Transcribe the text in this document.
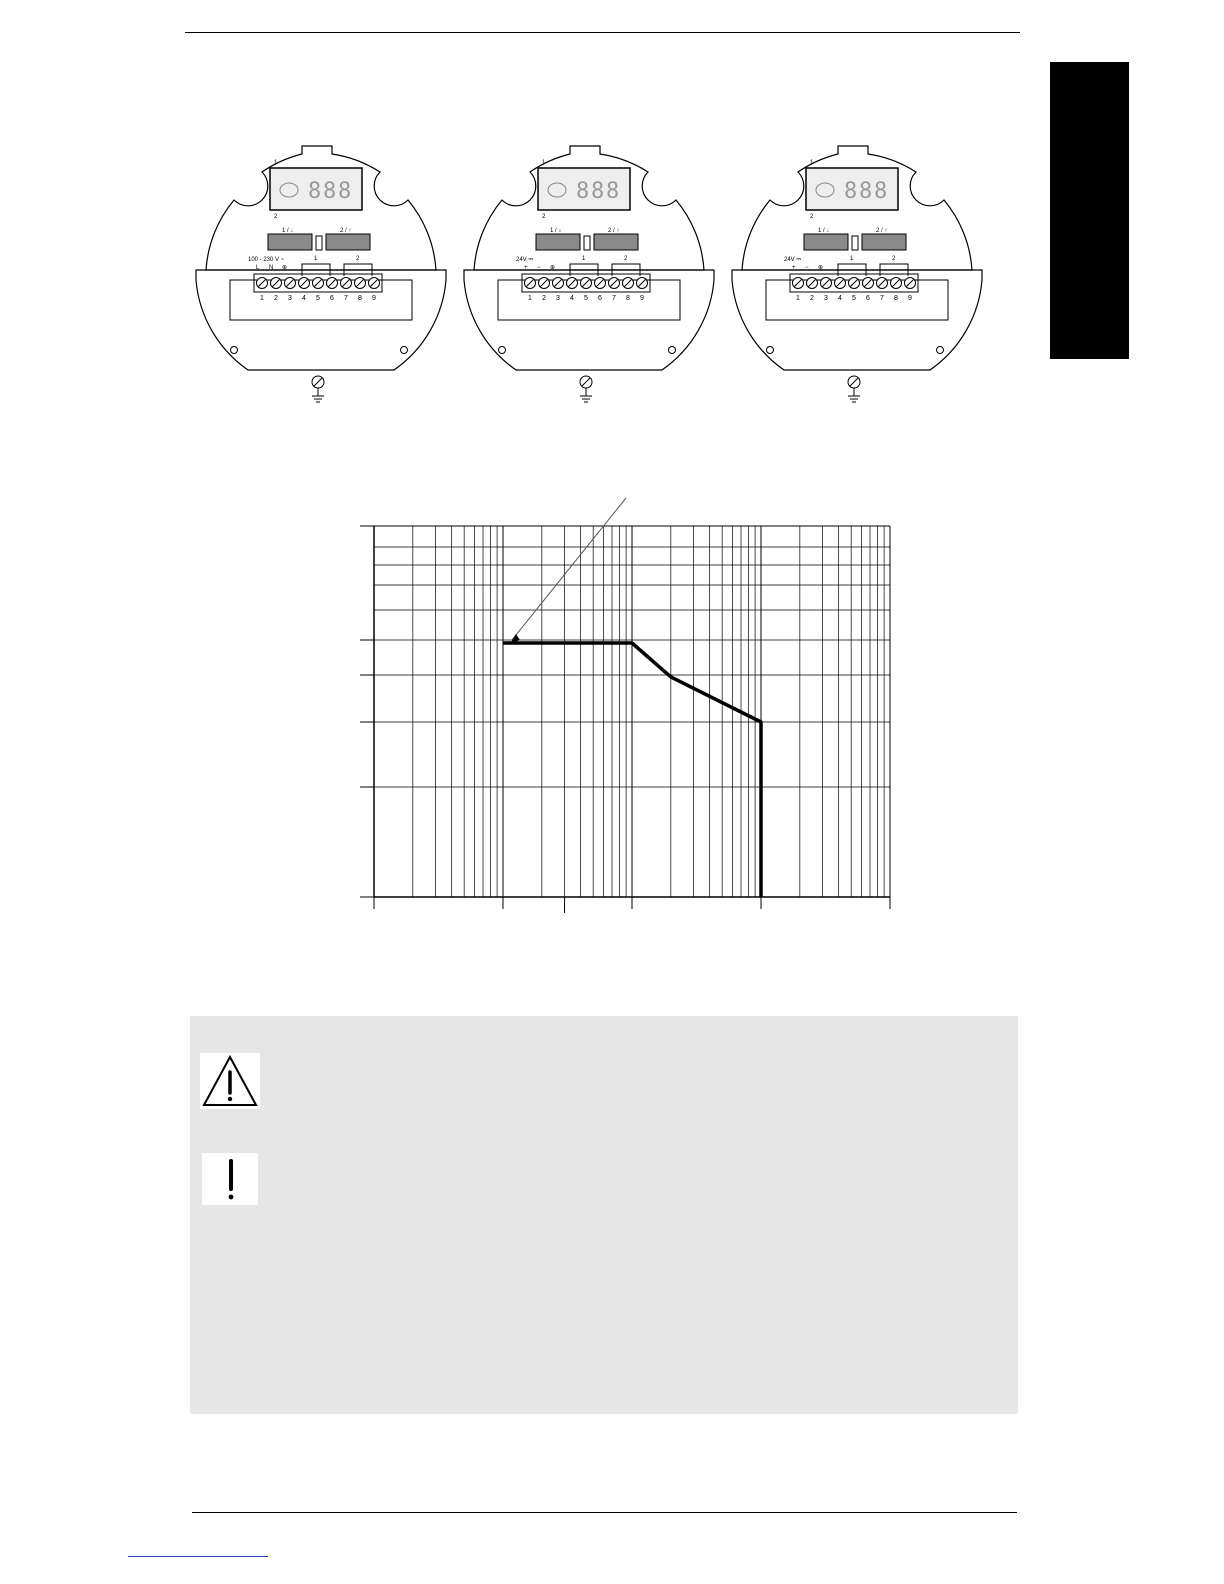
8 8 8
1
2
1 / ↓	2 / ↑
100 - 230 V ~
L N ⊕
1	2
1 2 3 4 5 6 7 8 9
8 8 8
1
2
1 / ↓	2 / ↑
24V ⎓
+ − ⊕
1	2
1 2 3 4 5 6 7 8 9
8 8 8
1
2
1 / ↓	2 / ↑
24V ⎓
+ − ⊕
1	2
1 2 3 4 5 6 7 8 9
